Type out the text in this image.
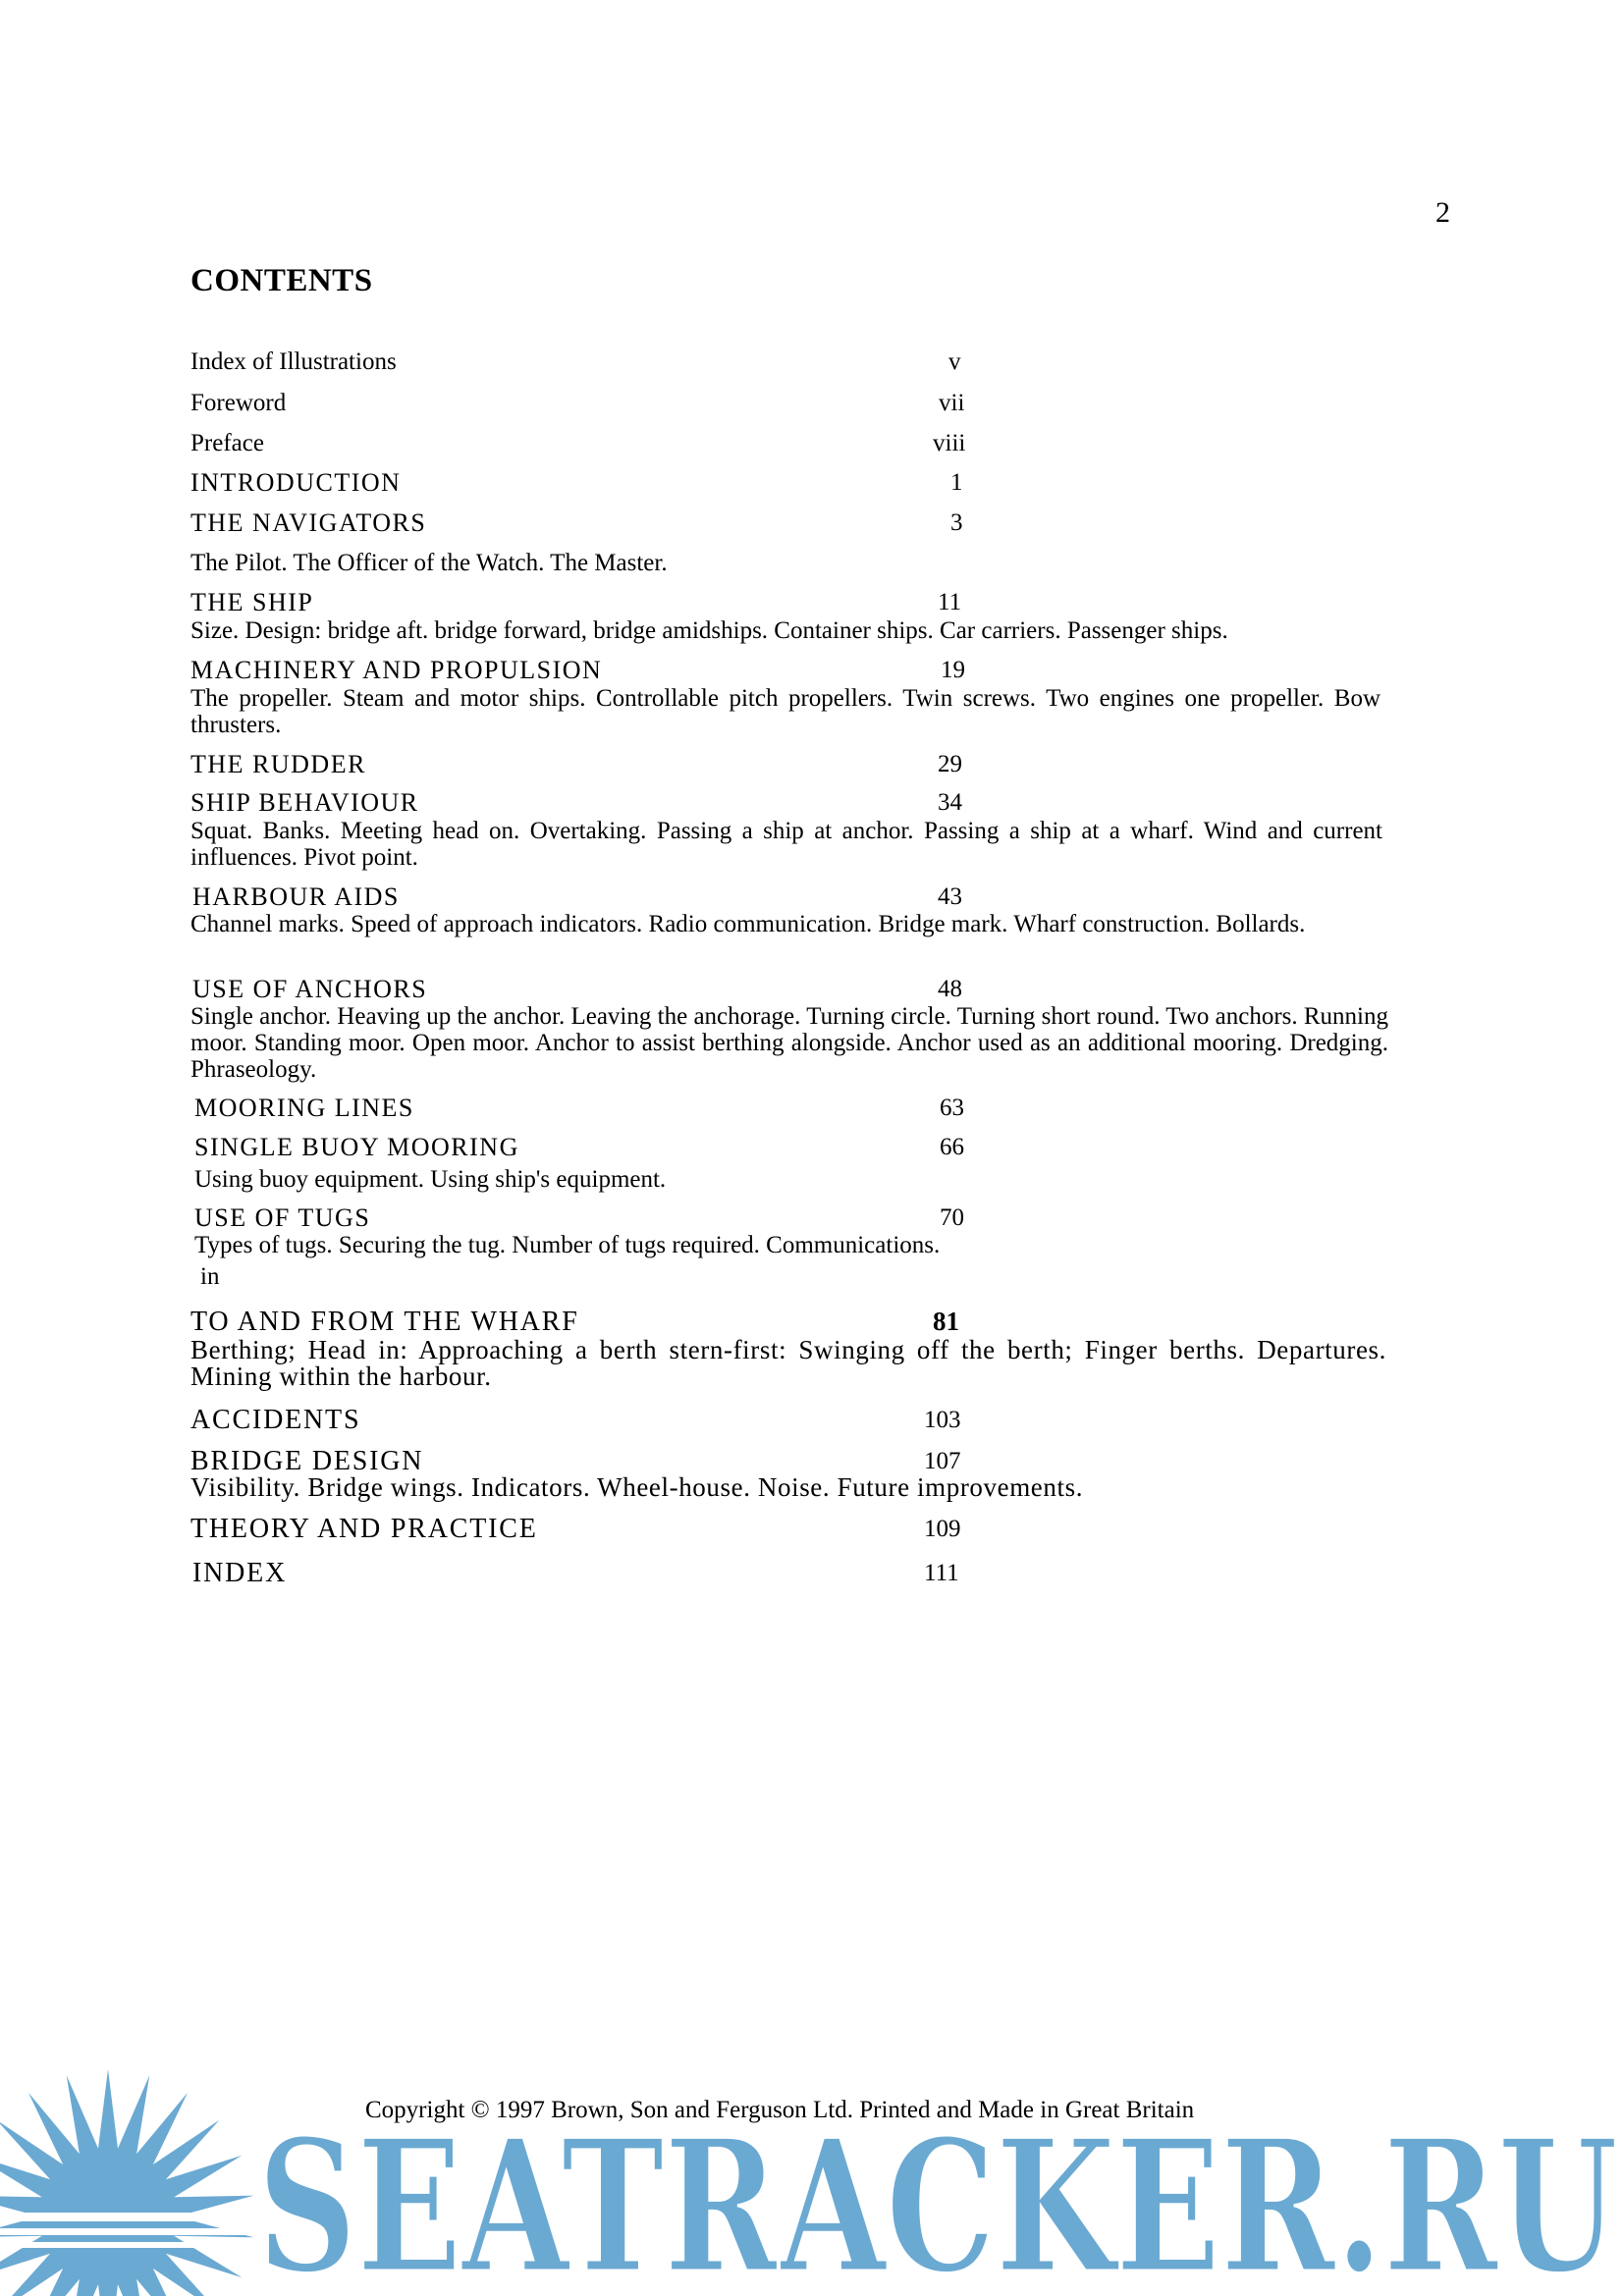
2
CONTENTS
Index of Illustrations	v
Foreword	vii
Preface	viii
INTRODUCTION	1
THE NAVIGATORS	3
The Pilot. The Officer of the Watch. The Master.
THE SHIP	11
Size. Design: bridge aft. bridge forward, bridge amidships. Container ships. Car carriers. Passenger ships.
MACHINERY AND PROPULSION	19
The propeller. Steam and motor ships. Controllable pitch propellers. Twin screws. Two engines one propeller. Bow thrusters.
THE RUDDER	29
SHIP BEHAVIOUR	34
Squat. Banks. Meeting head on. Overtaking. Passing a ship at anchor. Passing a ship at a wharf. Wind and current influences. Pivot point.
HARBOUR AIDS	43
Channel marks. Speed of approach indicators. Radio communication. Bridge mark. Wharf construction. Bollards.
USE OF ANCHORS	48
Single anchor. Heaving up the anchor. Leaving the anchorage. Turning circle. Turning short round. Two anchors. Running moor. Standing moor. Open moor. Anchor to assist berthing alongside. Anchor used as an additional mooring. Dredging. Phraseology.
MOORING LINES	63
SINGLE BUOY MOORING	66
Using buoy equipment. Using ship's equipment.
USE OF TUGS	70
Types of tugs. Securing the tug. Number of tugs required. Communications.
in
TO AND FROM THE WHARF	81
Berthing; Head in: Approaching a berth stern-first: Swinging off the berth; Finger berths. Departures. Mining within the harbour.
ACCIDENTS	103
BRIDGE DESIGN	107
Visibility. Bridge wings. Indicators. Wheel-house. Noise. Future improvements.
THEORY AND PRACTICE	109
INDEX	111
Copyright © 1997 Brown, Son and Ferguson Ltd. Printed and Made in Great Britain
SEATRACKER.RU
